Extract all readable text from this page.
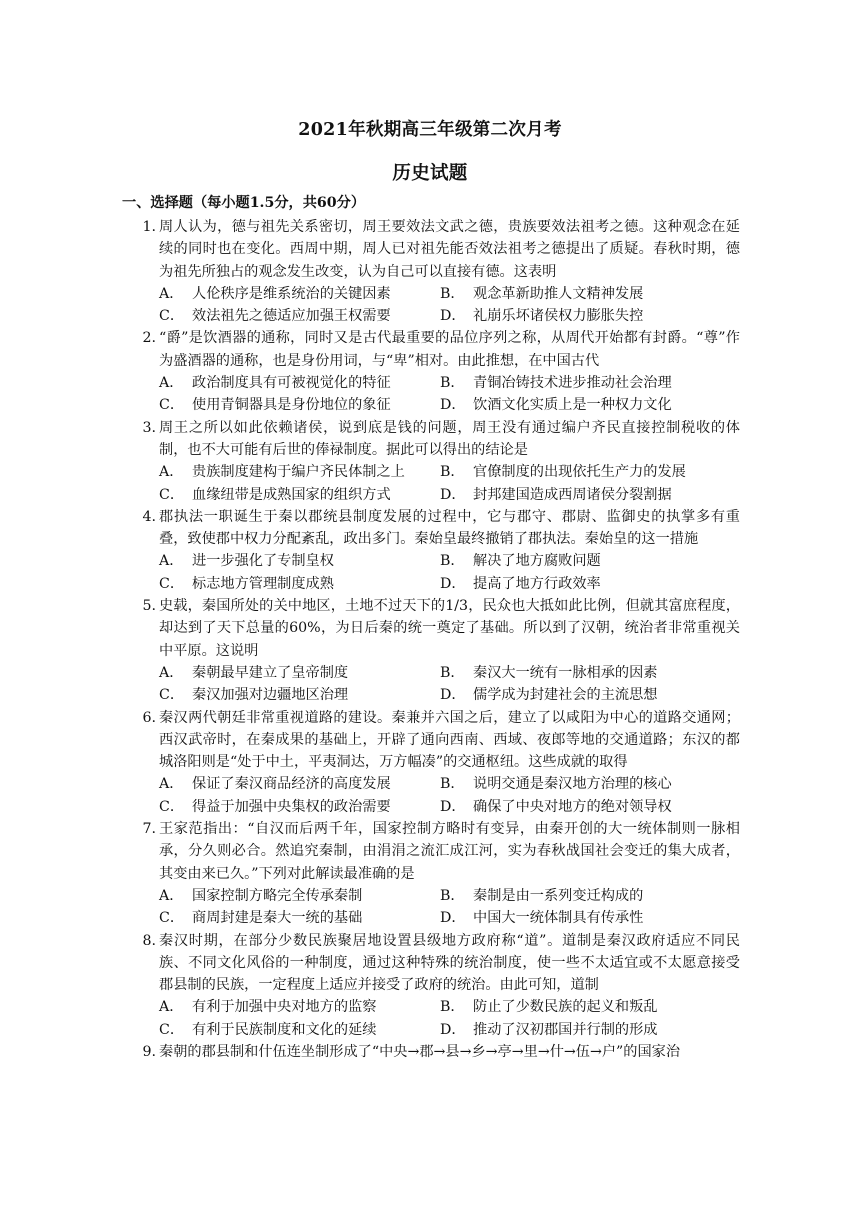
2021年秋期高三年级第二次月考
历史试题
一、选择题（每小题1.5分，共60分）
1. 周人认为，德与祖先关系密切，周王要效法文武之德，贵族要效法祖考之德。这种观念在延续的同时也在变化。西周中期，周人已对祖先能否效法祖考之德提出了质疑。春秋时期，德为祖先所独占的观念发生改变，认为自己可以直接有德。这表明
A． 人伦秩序是维系统治的关键因素	B． 观念革新助推人文精神发展
C． 效法祖先之德适应加强王权需要	D． 礼崩乐坏诸侯权力膨胀失控
2. “爵”是饮酒器的通称，同时又是古代最重要的品位序列之称，从周代开始都有封爵。“尊”作为盛酒器的通称，也是身份用词，与“卑”相对。由此推想，在中国古代
A． 政治制度具有可被视觉化的特征	B． 青铜冶铸技术进步推动社会治理
C． 使用青铜器具是身份地位的象征	D． 饮酒文化实质上是一种权力文化
3. 周王之所以如此依赖诸侯，说到底是钱的问题，周王没有通过编户齐民直接控制税收的体制，也不大可能有后世的俸禄制度。据此可以得出的结论是
A． 贵族制度建构于编户齐民体制之上	B． 官僚制度的出现依托生产力的发展
C． 血缘纽带是成熟国家的组织方式	D． 封邦建国造成西周诸侯分裂割据
4. 郡执法一职诞生于秦以郡统县制度发展的过程中，它与郡守、郡尉、监御史的执掌多有重叠，致使郡中权力分配紊乱，政出多门。秦始皇最终撤销了郡执法。秦始皇的这一措施
A． 进一步强化了专制皇权	B． 解决了地方腐败问题
C． 标志地方管理制度成熟	D． 提高了地方行政效率
5. 史载，秦国所处的关中地区，土地不过天下的1/3，民众也大抵如此比例，但就其富庶程度，却达到了天下总量的60%，为日后秦的统一奠定了基础。所以到了汉朝，统治者非常重视关中平原。这说明
A． 秦朝最早建立了皇帝制度	B． 秦汉大一统有一脉相承的因素
C． 秦汉加强对边疆地区治理	D． 儒学成为封建社会的主流思想
6. 秦汉两代朝廷非常重视道路的建设。秦兼并六国之后，建立了以咸阳为中心的道路交通网；西汉武帝时，在秦成果的基础上，开辟了通向西南、西域、夜郎等地的交通道路；东汉的都城洛阳则是“处于中土，平夷洞达，万方幅凑”的交通枢纽。这些成就的取得
A． 保证了秦汉商品经济的高度发展	B． 说明交通是秦汉地方治理的核心
C． 得益于加强中央集权的政治需要	D． 确保了中央对地方的绝对领导权
7. 王家范指出：“自汉而后两千年，国家控制方略时有变异，由秦开创的大一统体制则一脉相承，分久则必合。然追究秦制，由涓涓之流汇成江河，实为春秋战国社会变迁的集大成者，其变由来已久。”下列对此解读最准确的是
A． 国家控制方略完全传承秦制	B． 秦制是由一系列变迁构成的
C． 商周封建是秦大一统的基础	D． 中国大一统体制具有传承性
8. 秦汉时期，在部分少数民族聚居地设置县级地方政府称“道”。道制是秦汉政府适应不同民族、不同文化风俗的一种制度，通过这种特殊的统治制度，使一些不太适宜或不太愿意接受郡县制的民族，一定程度上适应并接受了政府的统治。由此可知，道制
A． 有利于加强中央对地方的监察	B． 防止了少数民族的起义和叛乱
C． 有利于民族制度和文化的延续	D． 推动了汉初郡国并行制的形成
9. 秦朝的郡县制和什伍连坐制形成了“中央→郡→县→乡→亭→里→什→伍→户”的国家治
